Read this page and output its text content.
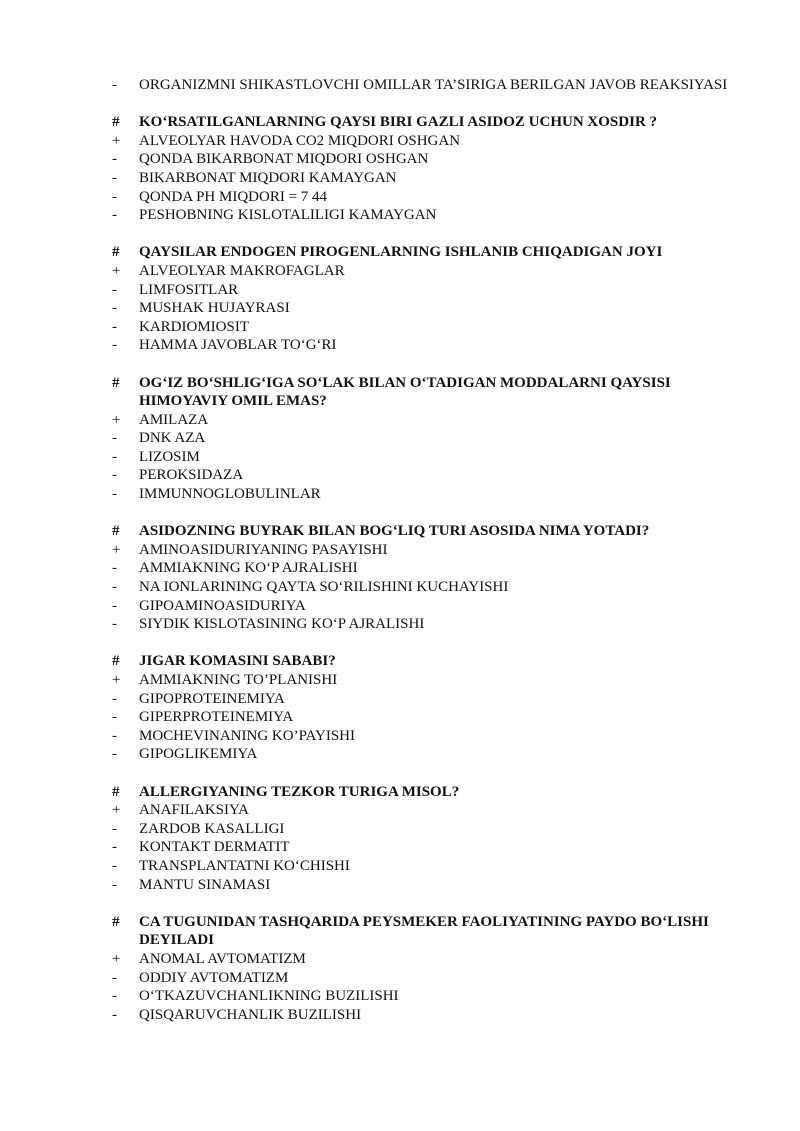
-	ORGANIZMNI SHIKASTLOVCHI OMILLAR TA’SIRIGA BERILGAN JAVOB REAKSIYASI
#	KO‘RSATILGANLARNING QAYSI BIRI GAZLI ASIDOZ UCHUN XOSDIR ?
+	ALVEOLYAR HAVODA CO2 MIQDORI OSHGAN
-	QONDA BIKARBONAT MIQDORI OSHGAN
-	BIKARBONAT MIQDORI KAMAYGAN
-	QONDA PH MIQDORI = 7 44
-	PESHOBNING KISLOTALILIGI KAMAYGAN
#	QAYSILAR ENDOGEN PIROGENLARNING ISHLANIB CHIQADIGAN JOYI
+	ALVEOLYAR MAKROFAGLAR
-	LIMFOSITLAR
-	MUSHAK HUJAYRASI
-	KARDIOMIOSIT
-	HAMMA JAVOBLAR TO‘G‘RI
#	OG‘IZ BO‘SHLIG‘IGA SO‘LAK BILAN O‘TADIGAN MODDALARNI QAYSISI HIMOYAVIY OMIL EMAS?
+	AMILAZA
-	DNK AZA
-	LIZOSIM
-	PEROKSIDAZA
-	IMMUNNOGLOBULINLAR
#	ASIDOZNING BUYRAK BILAN BOG‘LIQ TURI ASOSIDA NIMA YOTADI?
+	AMINOASIDURIYANING PASAYISHI
-	AMMIAKNING KO‘P AJRALISHI
-	NA IONLARINING QAYTA SO‘RILISHINI KUCHAYISHI
-	GIPOAMINOASIDURIYA
-	SIYDIK KISLOTASINING KO‘P AJRALISHI
#	JIGAR KOMASINI SABABI?
+	AMMIAKNING TO’PLANISHI
-	GIPOPROTEINEMIYA
-	GIPERPROTEINEMIYA
-	MOCHEVINANING KO’PAYISHI
-	GIPOGLIKEMIYA
#	ALLERGIYANING TEZKOR TURIGA MISOL?
+	ANAFILAKSIYA
-	ZARDOB KASALLIGI
-	KONTAKT DERMATIT
-	TRANSPLANTATNI KO‘CHISHI
-	MANTU SINAMASI
#	CA TUGUNIDAN TASHQARIDA PEYSMEKER FAOLIYATINING PAYDO BO‘LISHI DEYILADI
+	ANOMAL AVTOMATIZM
-	ODDIY AVTOMATIZM
-	O‘TKAZUVCHANLIKNING BUZILISHI
-	QISQARUVCHANLIK BUZILISHI
